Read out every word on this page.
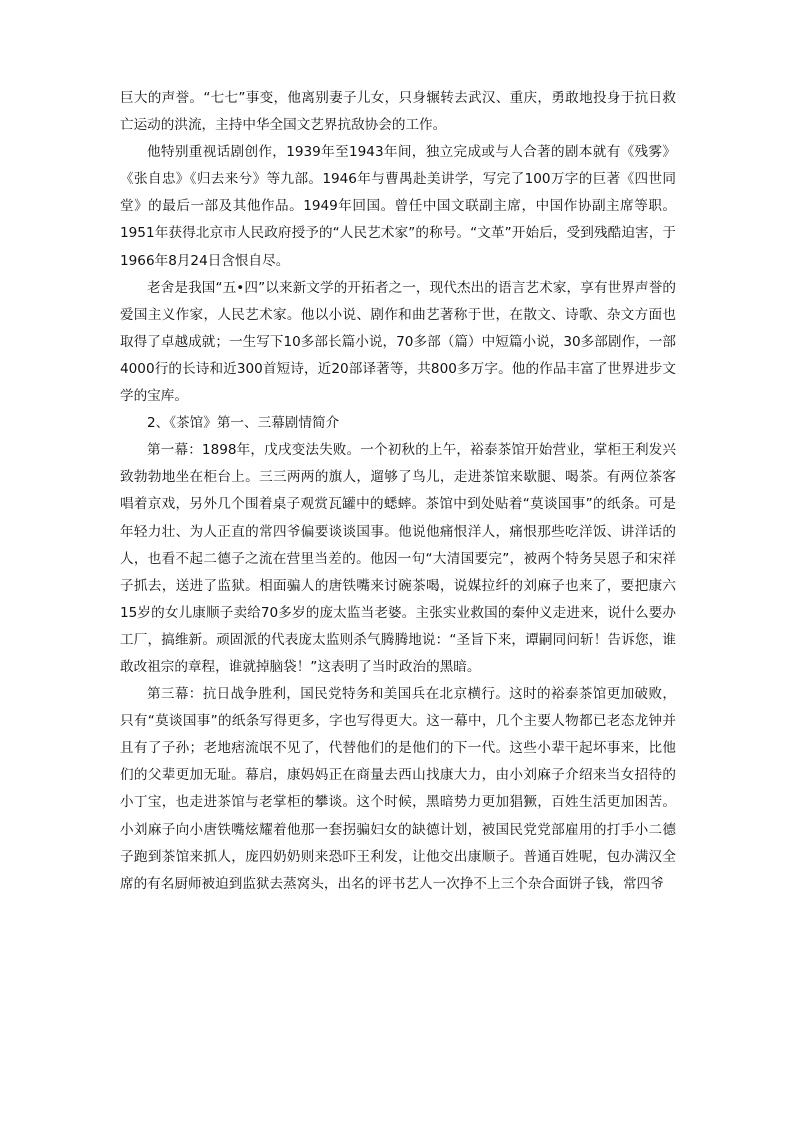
巨大的声誉。“七七”事变，他离别妻子儿女，只身辗转去武汉、重庆，勇敢地投身于抗日救亡运动的洪流，主持中华全国文艺界抗敌协会的工作。

他特别重视话剧创作，1939年至1943年间，独立完成或与人合著的剧本就有《残雾》《张自忠》《归去来兮》等九部。1946年与曹禺赴美讲学，写完了100万字的巨著《四世同堂》的最后一部及其他作品。1949年回国。曾任中国文联副主席，中国作协副主席等职。1951年获得北京市人民政府授予的“人民艺术家”的称号。“文革”开始后，受到残酷迫害，于1966年8月24日含恨自尽。

老舍是我国“五•四”以来新文学的开拓者之一，现代杰出的语言艺术家，享有世界声誉的爱国主义作家，人民艺术家。他以小说、剧作和曲艺著称于世，在散文、诗歌、杂文方面也取得了卓越成就；一生写下10多部长篇小说，70多部（篇）中短篇小说，30多部剧作，一部4000行的长诗和近300首短诗，近20部译著等，共800多万字。他的作品丰富了世界进步文学的宝库。

2、《茶馆》第一、三幕剧情简介

第一幕：1898年，戊戌变法失败。一个初秋的上午，裕泰茶馆开始营业，掌柜王利发兴致勃勃地坐在柜台上。三三两两的旗人，遛够了鸟儿，走进茶馆来歇腿、喝茶。有两位茶客唱着京戏，另外几个围着桌子观赏瓦罐中的蟋蟀。茶馆中到处贴着“莫谈国事”的纸条。可是年轻力壮、为人正直的常四爷偏要谈谈国事。他说他痛恨洋人，痛恨那些吃洋饭、讲洋话的人，也看不起二德子之流在营里当差的。他因一句“大清国要完”，被两个特务吴恩子和宋祥子抓去，送进了监狱。相面骗人的唐铁嘴来讨碗茶喝，说媒拉纤的刘麻子也来了，要把康六15岁的女儿康顺子卖给70多岁的庞太监当老婆。主张实业救国的秦仲义走进来，说什么要办工厂，搞维新。顽固派的代表庞太监则杀气腾腾地说：“圣旨下来，谭嗣同问斩！告诉您，谁敢改祖宗的章程，谁就掉脑袋！”这表明了当时政治的黑暗。

第三幕：抗日战争胜利，国民党特务和美国兵在北京横行。这时的裕泰茶馆更加破败，只有“莫谈国事”的纸条写得更多，字也写得更大。这一幕中，几个主要人物都已老态龙钟并且有了子孙；老地痞流氓不见了，代替他们的是他们的下一代。这些小辈干起坏事来，比他们的父辈更加无耻。幕启，康妈妈正在商量去西山找康大力，由小刘麻子介绍来当女招待的小丁宝，也走进茶馆与老掌柜的攀谈。这个时候，黑暗势力更加猖獗，百姓生活更加困苦。小刘麻子向小唐铁嘴炫耀着他那一套拐骗妇女的缺德计划，被国民党党部雇用的打手小二德子跑到茶馆来抓人，庞四奶奶则来恐吓王利发，让他交出康顺子。普通百姓呢，包办满汉全席的有名厨师被迫到监狱去蒸窝头，出名的评书艺人一次挣不上三个杂合面饼子钱，常四爷
